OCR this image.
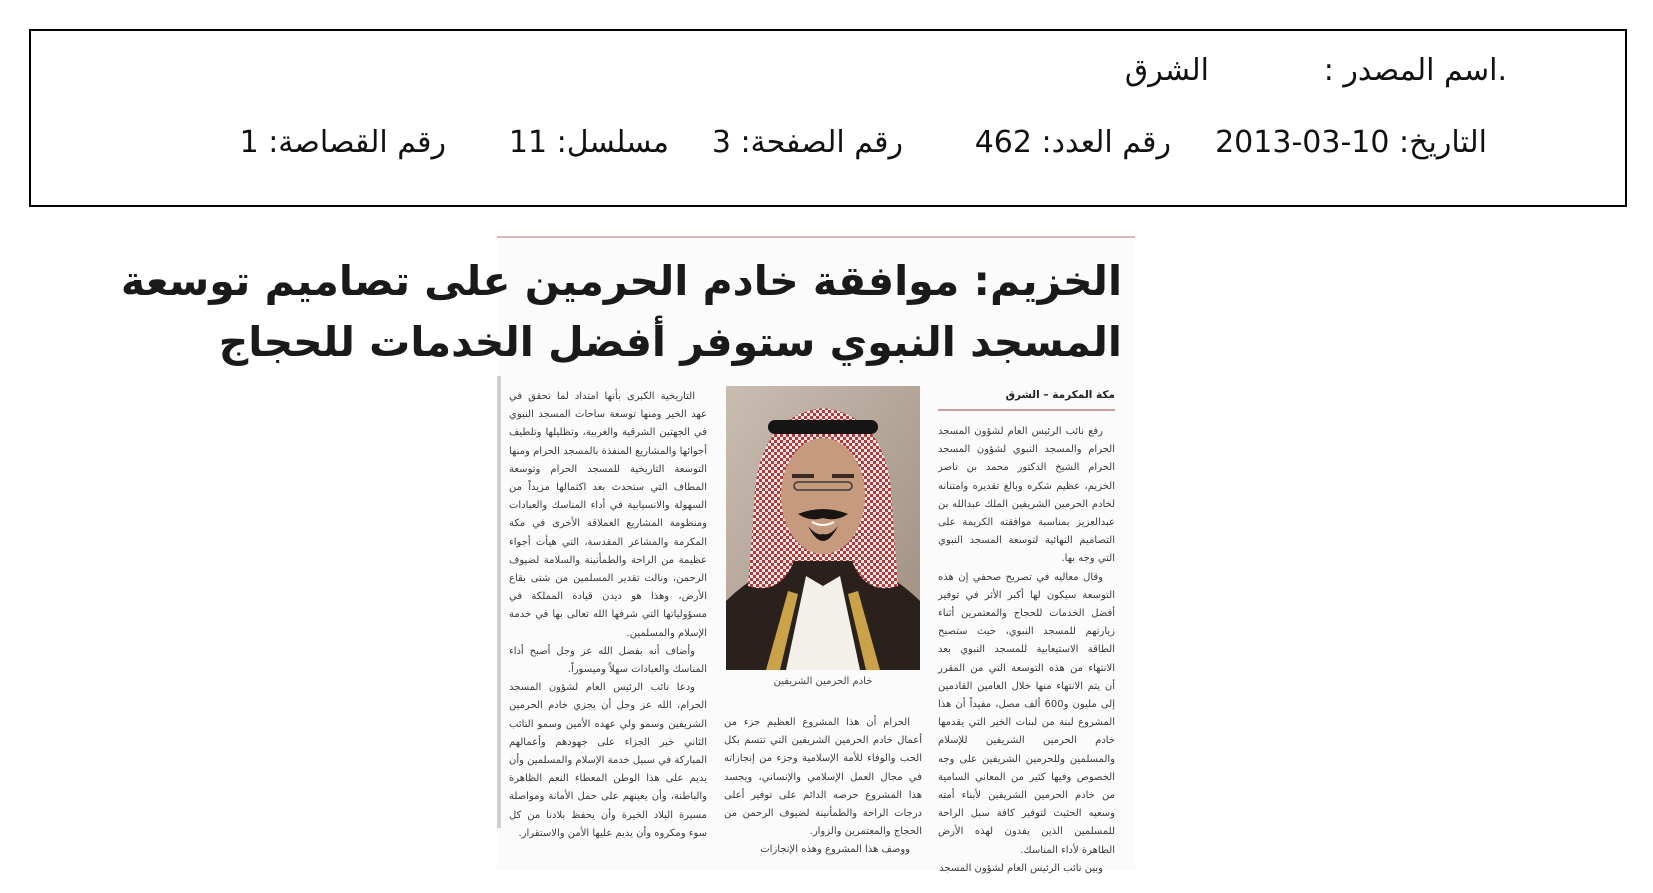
.اسم المصدر :
الشرق
التاريخ: 10-03-2013
رقم العدد: 462
رقم الصفحة: 3
مسلسل: 11
رقم القصاصة: 1
الخزيم: موافقة خادم الحرمين على تصاميم توسعة
المسجد النبوي ستوفر أفضل الخدمات للحجاج
مكة المكرمة – الشرق

رفع نائب الرئيس العام لشؤون المسجد الحرام والمسجد النبوي لشؤون المسجد الحرام الشيخ الدكتور محمد بن ناصر الخزيم، عظيم شكره وبالغ تقديره وامتنانه لخادم الحرمين الشريفين الملك عبدالله بن عبدالعزيز بمناسبة موافقته الكريمة على التصاميم النهائية لتوسعة المسجد النبوي التي وجه بها.

وقال معاليه في تصريح صحفي إن هذه التوسعة سيكون لها أكبر الأثر في توفير أفضل الخدمات للحجاج والمعتمرين أثناء زيارتهم للمسجد النبوي، حيث ستصبح الطاقة الاستيعابية للمسجد النبوي بعد الانتهاء من هذه التوسعة التي من المقرر أن يتم الانتهاء منها خلال العامين القادمين إلى مليون و600 ألف مصل، مفيداً أن هذا المشروع لبنة من لبنات الخير التي يقدمها خادم الحرمين الشريفين للإسلام والمسلمين وللحرمين الشريفين على وجه الخصوص وفيها كثير من المعاني السامية من خادم الحرمين الشريفين لأبناء أمته وسعيه الحثيث لتوفير كافة سبل الراحة للمسلمين الذين يفدون لهذه الأرض الطاهرة لأداء المناسك.

وبين نائب الرئيس العام لشؤون المسجد

خادم الحرمين الشريفين

الحرام أن هذا المشروع العظيم جزء من أعمال خادم الحرمين الشريفين التي تتسم بكل الحب والوفاء للأمة الإسلامية وجزء من إنجازاته في مجال العمل الإسلامي والإنساني، ويجسد هذا المشروع حرصه الدائم على توفير أعلى درجات الراحة والطمأنينة لضيوف الرحمن من الحجاج والمعتمرين والزوار.

ووصف هذا المشروع وهذه الإنجازات

التاريخية الكبرى بأنها امتداد لما تحقق في عهد الخير ومنها توسعة ساحات المسجد النبوي في الجهتين الشرقية والغربية، وتظليلها وتلطيف أجوائها والمشاريع المنفذة بالمسجد الحرام ومنها التوسعة التاريخية للمسجد الحرام وتوسعة المطاف التي ستحدث بعد اكتمالها مزيداً من السهولة والانسيابية في أداء المناسك والعبادات ومنظومة المشاريع العملاقة الأخرى في مكة المكرمة والمشاعر المقدسة، التي هيأت أجواء عظيمة من الراحة والطمأنينة والسلامة لضيوف الرحمن، ونالت تقدير المسلمين من شتى بقاع الأرض، وهذا هو ديدن قيادة المملكة في مسؤولياتها التي شرفها الله تعالى بها في خدمة الإسلام والمسلمين.

وأضاف أنه بفضل الله عز وجل أصبح أداء المناسك والعبادات سهلاً وميسوراً.

ودعا نائب الرئيس العام لشؤون المسجد الحرام، الله عز وجل أن يجزي خادم الحرمين الشريفين وسمو ولي عهده الأمين وسمو النائب الثاني خير الجزاء على جهودهم وأعمالهم المباركة في سبيل خدمة الإسلام والمسلمين وأن يديم على هذا الوطن المعطاء النعم الظاهرة والباطنة، وأن يعينهم على حمل الأمانة ومواصلة مسيرة البلاد الخيرة وأن يحفظ بلادنا من كل سوء ومكروه وأن يديم عليها الأمن والاستقرار.
